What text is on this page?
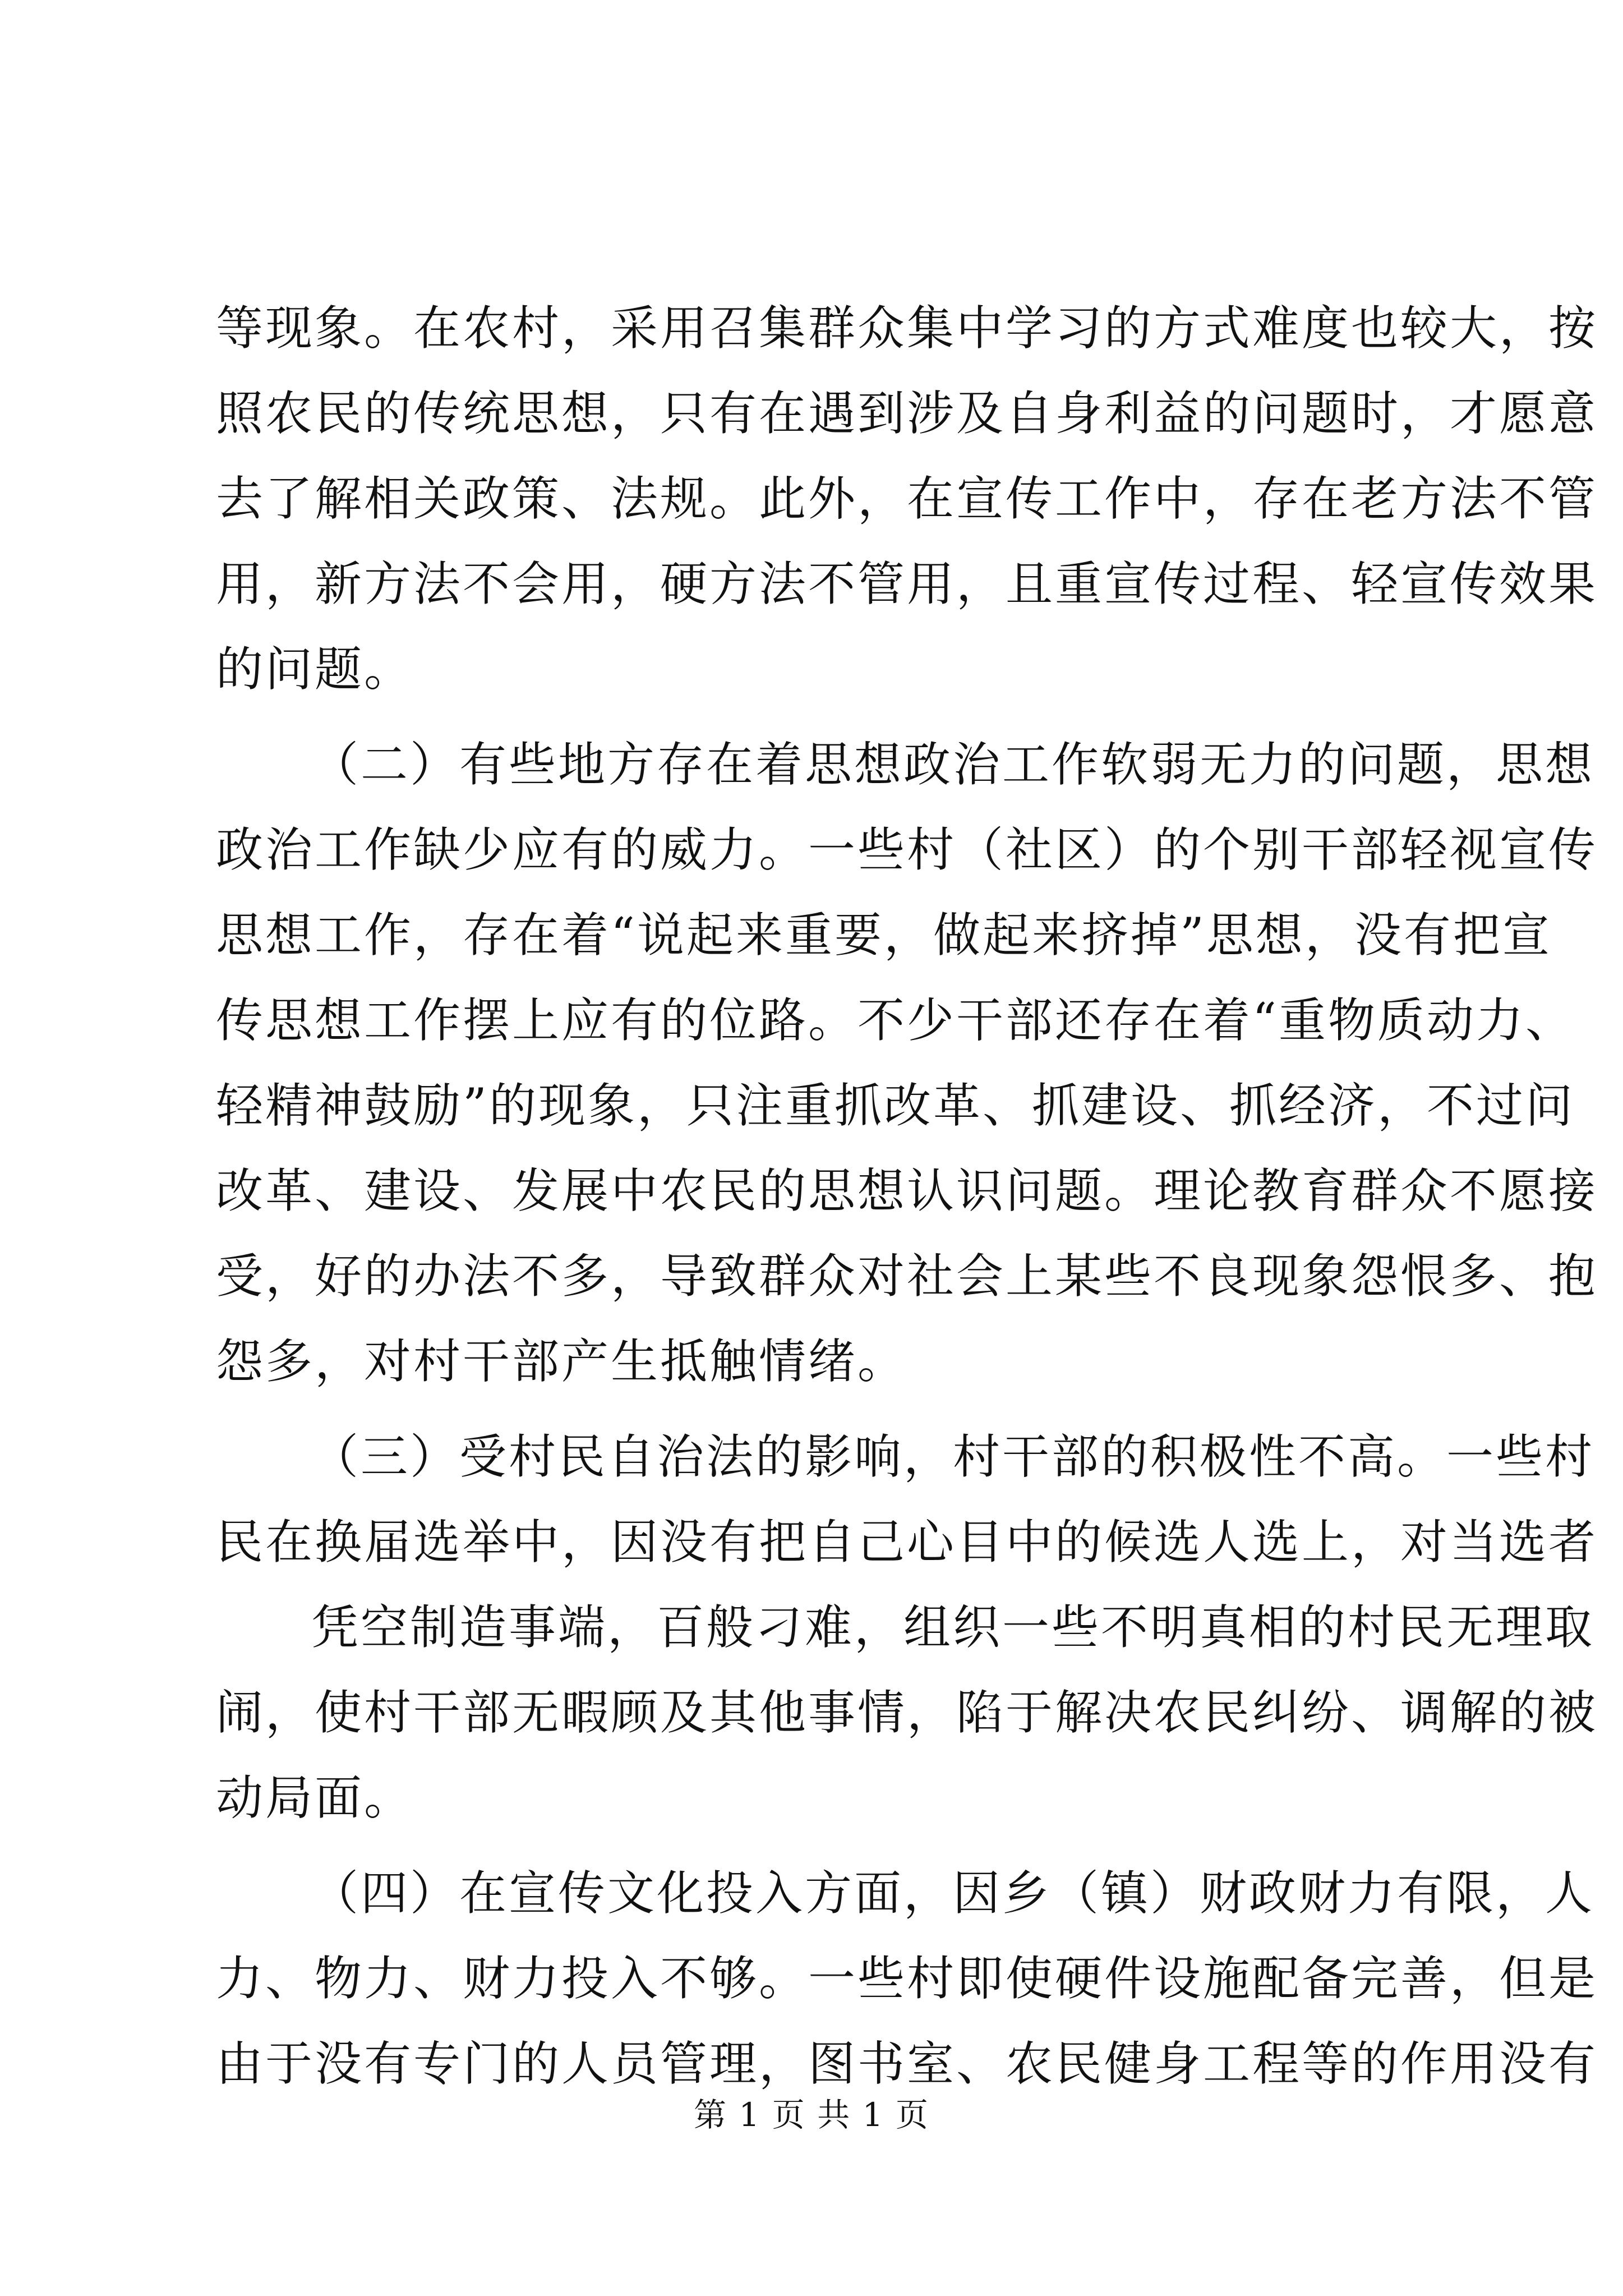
第 1 页 共 1 页
等现象。在农村，采用召集群众集中学习的方式难度也较大，按
照农民的传统思想，只有在遇到涉及自身利益的问题时，才愿意
去了解相关政策、法规。此外，在宣传工作中，存在老方法不管
用，新方法不会用，硬方法不管用，且重宣传过程、轻宣传效果
的问题。
（二）有些地方存在着思想政治工作软弱无力的问题，思想
政治工作缺少应有的威力。一些村（社区）的个别干部轻视宣传
思想工作，存在着“说起来重要，做起来挤掉”思想，没有把宣
传思想工作摆上应有的位路。不少干部还存在着“重物质动力、
轻精神鼓励”的现象，只注重抓改革、抓建设、抓经济，不过问
改革、建设、发展中农民的思想认识问题。理论教育群众不愿接
受，好的办法不多，导致群众对社会上某些不良现象怨恨多、抱
怨多，对村干部产生抵触情绪。
（三）受村民自治法的影响，村干部的积极性不高。一些村
民在换届选举中，因没有把自己心目中的候选人选上，对当选者
凭空制造事端，百般刁难，组织一些不明真相的村民无理取
闹，使村干部无暇顾及其他事情，陷于解决农民纠纷、调解的被
动局面。
（四）在宣传文化投入方面，因乡（镇）财政财力有限，人
力、物力、财力投入不够。一些村即使硬件设施配备完善，但是
由于没有专门的人员管理，图书室、农民健身工程等的作用没有
